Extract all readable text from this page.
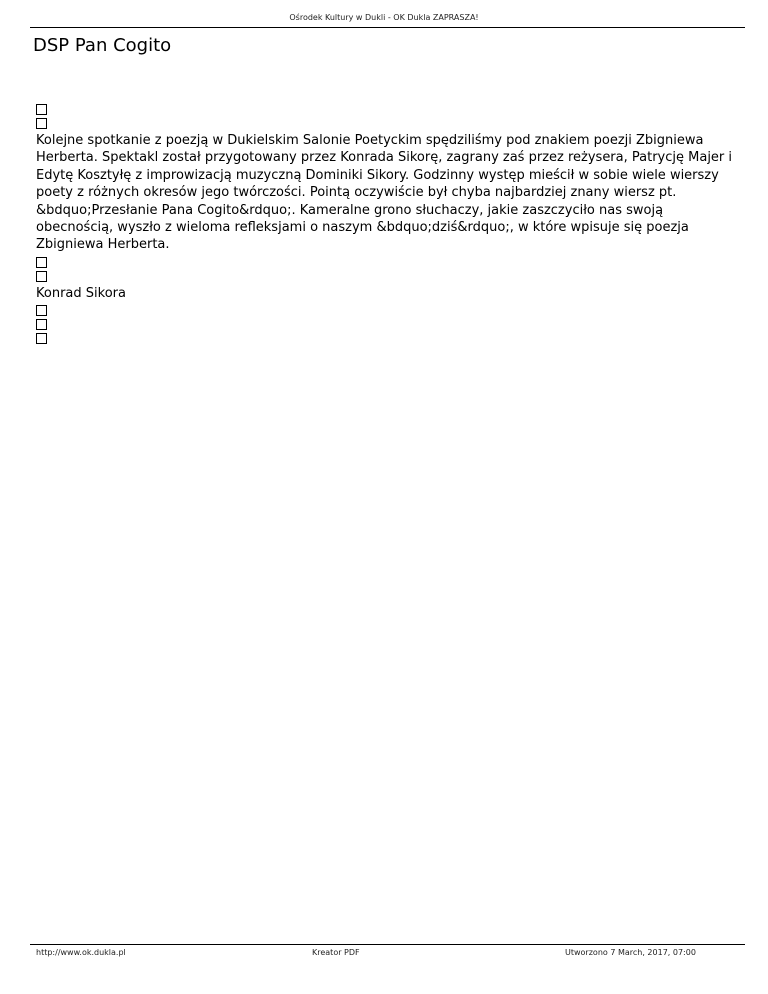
Ośrodek Kultury w Dukli - OK Dukla ZAPRASZA!
DSP Pan Cogito

Kolejne spotkanie z poezją w Dukielskim Salonie Poetyckim spędziliśmy pod znakiem poezji Zbigniewa Herberta. Spektakl został przygotowany przez Konrada Sikorę, zagrany zaś przez reżysera, Patrycję Majer i Edytę Kosztyłę z improwizacją muzyczną Dominiki Sikory. Godzinny występ mieścił w sobie wiele wierszy poety z różnych okresów jego twórczości. Pointą oczywiście był chyba najbardziej znany wiersz pt. &bdquo;Przesłanie Pana Cogito&rdquo;. Kameralne grono słuchaczy, jakie zaszczyciło nas swoją obecnością, wyszło z wieloma refleksjami o naszym &bdquo;dziś&rdquo;, w które wpisuje się poezja Zbigniewa Herberta.

Konrad Sikora

http://www.ok.dukla.pl	Kreator PDF	Utworzono 7 March, 2017, 07:00
